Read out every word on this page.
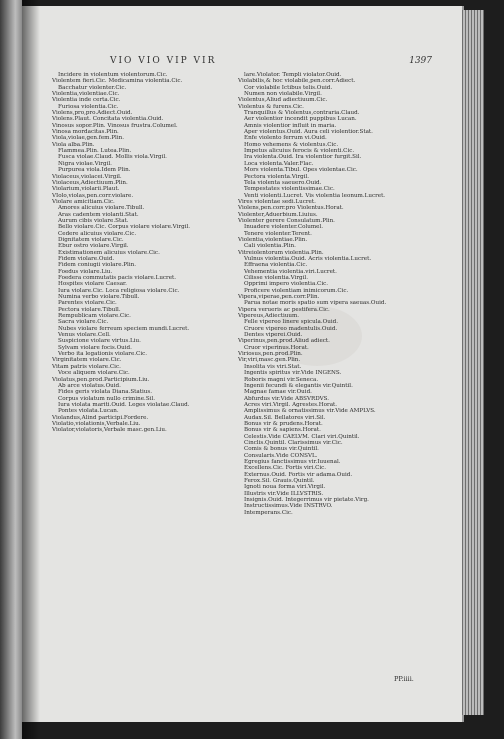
VIO VIO VIP VIR	1397
Incidere in violentum violentorum.Cic.
Violentem fieri.Cic. Medicamina violentia.Cic.
Bacchatur violenter.Cic.
Violentia,violentiae.Cic.
Violentia inde certa.Cic.
Furiosa violentia.Cic.
Violens,pro,pro.Adiect.Ouid.
Violens.Plaut. Concitata violentia.Ouid.
Vinosus sopor.Plin. Vinosus frustra.Columel.
Vinosa mordacitas.Plin.
Viola,violae,gen.fem.Plin.
Viola alba.Plin.
Flammea.Plin. Lutea.Plin.
Fusca violae.Claud. Mollis viola.Virgil.
Nigra violae.Virgil.
Purpurea viola.Idem Plin.
Violaceus,violacei.Virgil.
Violaceus,Adiectiuum.Plin.
Violarium,violarii.Plaut.
VIolo,violas,pen.corr.violare.
Violare amicitiam.Cic.
Amores alicuius violare.Tibull.
Aras cadentem violanti.Stat.
Aurum cibis violare.Stat.
Bello violare.Cic. Corpus violare violare.Virgil.
Cedere alicuius violare.Cic.
Dignitatem violare.Cic.
Ebur ostro violare.Virgil.
Existimationem alicuius violare.Cic.
Fidem violare.Ouid.
Fidem coniugii violare.Plin.
Foedus violare.Liu.
Foedera commutatis pacis violare.Lucret.
Hospites violare Caesar.
Iura violare.Cic. Loca religiosa violare.Cic.
Numina verbo violare.Tibull.
Parentes violare.Cic.
Pectora violare.Tibull.
Rempublicam violare.Cic.
Sacra violare.Cic.
Nubes violare ferreum speciem mundi.Lucret.
Venus violare.Cell.
Suspicione violare virtus.Liu.
Sylvam violare focis.Ouid.
Verbo ita legationis violare.Cic.
Virginitatem violare.Cic.
Vitam patris violare.Cic.
Voce aliquem violare.Cic.
Violatus,pen.prod.Participium.Liu.
Ab arce violatus.Ouid.
Fides geris violata Diana.Statius.
Corpus violatum nullo crimine.Sil.
Iura violata mariti.Ouid. Leges violatae.Claud.
Pontes violata.Lucan.
Violandus,Alind participi.Fordere.
Violatio,violationis,Verbale.Liu.
Violator,violatoris,Verbale masc.gen.Liu.
lare.Violator. Templi violator.Ouid.
Violabilis,& hoc violabile,pen.corr.Adiect.
Cor violabile Ictibus telis.Ouid.
Numen non violabile.Virgil.
Violentus,Aliud adiectiuum.Cic.
Violentus & furens.Cic.
Tranquillus & Violentus,contraria.Claud.
Aer violentior incendit puppibus Lucan.
Amnis violentior influit in maria.
Aper violentus.Ouid. Aura celi violentior.Stat.
Enfe violento ferrum vi.Ouid.
Homo vehemens & violentus.Cic.
Impetus alicuius ferocis & violenti.Cic.
Ira violenta.Ouid. Ira violentior furgit.Sil.
Loca violenta.Valer.Flac.
Mors violenta.Tibul. Opes violentae.Cic.
Pectora violenta.Virgil.
Tela violenta saeuero.Ouid.
Tempestates violentissimae.Cic.
Venti violenti.Lucret. Vis violentia leonum.Lucret.
Vires violentae sedi.Lucret.
Violens,pen.corr.pro Violentus.Horat.
Violenter,Aduerbium.Liuius.
Violenter gerere Consulatum.Plin.
Inuadere violenter.Columel.
Tenere violenter.Terent.
Violentia,violentiae.Plin.
Cali violentia.Plin.
Vitreiolentorum violentia.Plin.
Vulnus violentia.Ouid. Acris violentia.Lucret.
Effraena violentia.Cic.
Vehementia violentia.viri.Lucret.
Cilisse violentia.Virgil.
Opprimi impero violentia.Cic.
Proficere violentiam inimicorum.Cic.
Vipera,viperae,pen.corr.Plin.
Parua notae moris spatio sum vipera saeuas.Ouid.
Vipera verueris ac pestifera.Cic.
Vipereus,Adiectiuum.
Felle vipereo linere spicula.Ouid.
Cruore vipereo madentulis.Ouid.
Dentes viperei.Ouid.
Viperinus,pen.prod.Aliud adiect.
Cruor viperinus.Horat.
Viriosus,pen.prod.Plin.
Vir,viri,masc.gen.Plin.
Insolita vis viri.Stat.
Ingentis spiritus vir.Vide INGENS.
Roboris magni vir.Seneca.
Ingenii fecundi & elegantis vir.Quintil.
Magnae famae vir.Ouid.
Abfurdus vir.Vide ABSVRDVS.
Acres viri.Virgil. Agrestes.Horat.
Amplissimus & ornatissimus vir.Vide AMPLVS.
Audax.Sil. Bellatores viri.Sil.
Bonus vir & prudens.Horat.
Bonus vir & sapiens.Horat.
Celestis.Vide CAELVM. Clari viri.Quintil.
Cinclis.Quintil. Clarissimus vir.Cic.
Comis & bonus vir.Quintil.
Consularis.Vide CONSVL.
Egregius fanctissimus vir.Iuuenal.
Excellens.Cic. Fortis viri.Cic.
Externus.Ouid. Fortis vir adama.Ouid.
Ferox.Sil. Grauis.Quintil.
Ignoti noua forma viri.Virgil.
Illustris vir.Vide ILLVSTRIS.
Insignis.Ouid. Integerrimus vir pietate.Virg.
Instructissimus.Vide INSTRVO.
Intemperans.Cic.
PP.iiii.
